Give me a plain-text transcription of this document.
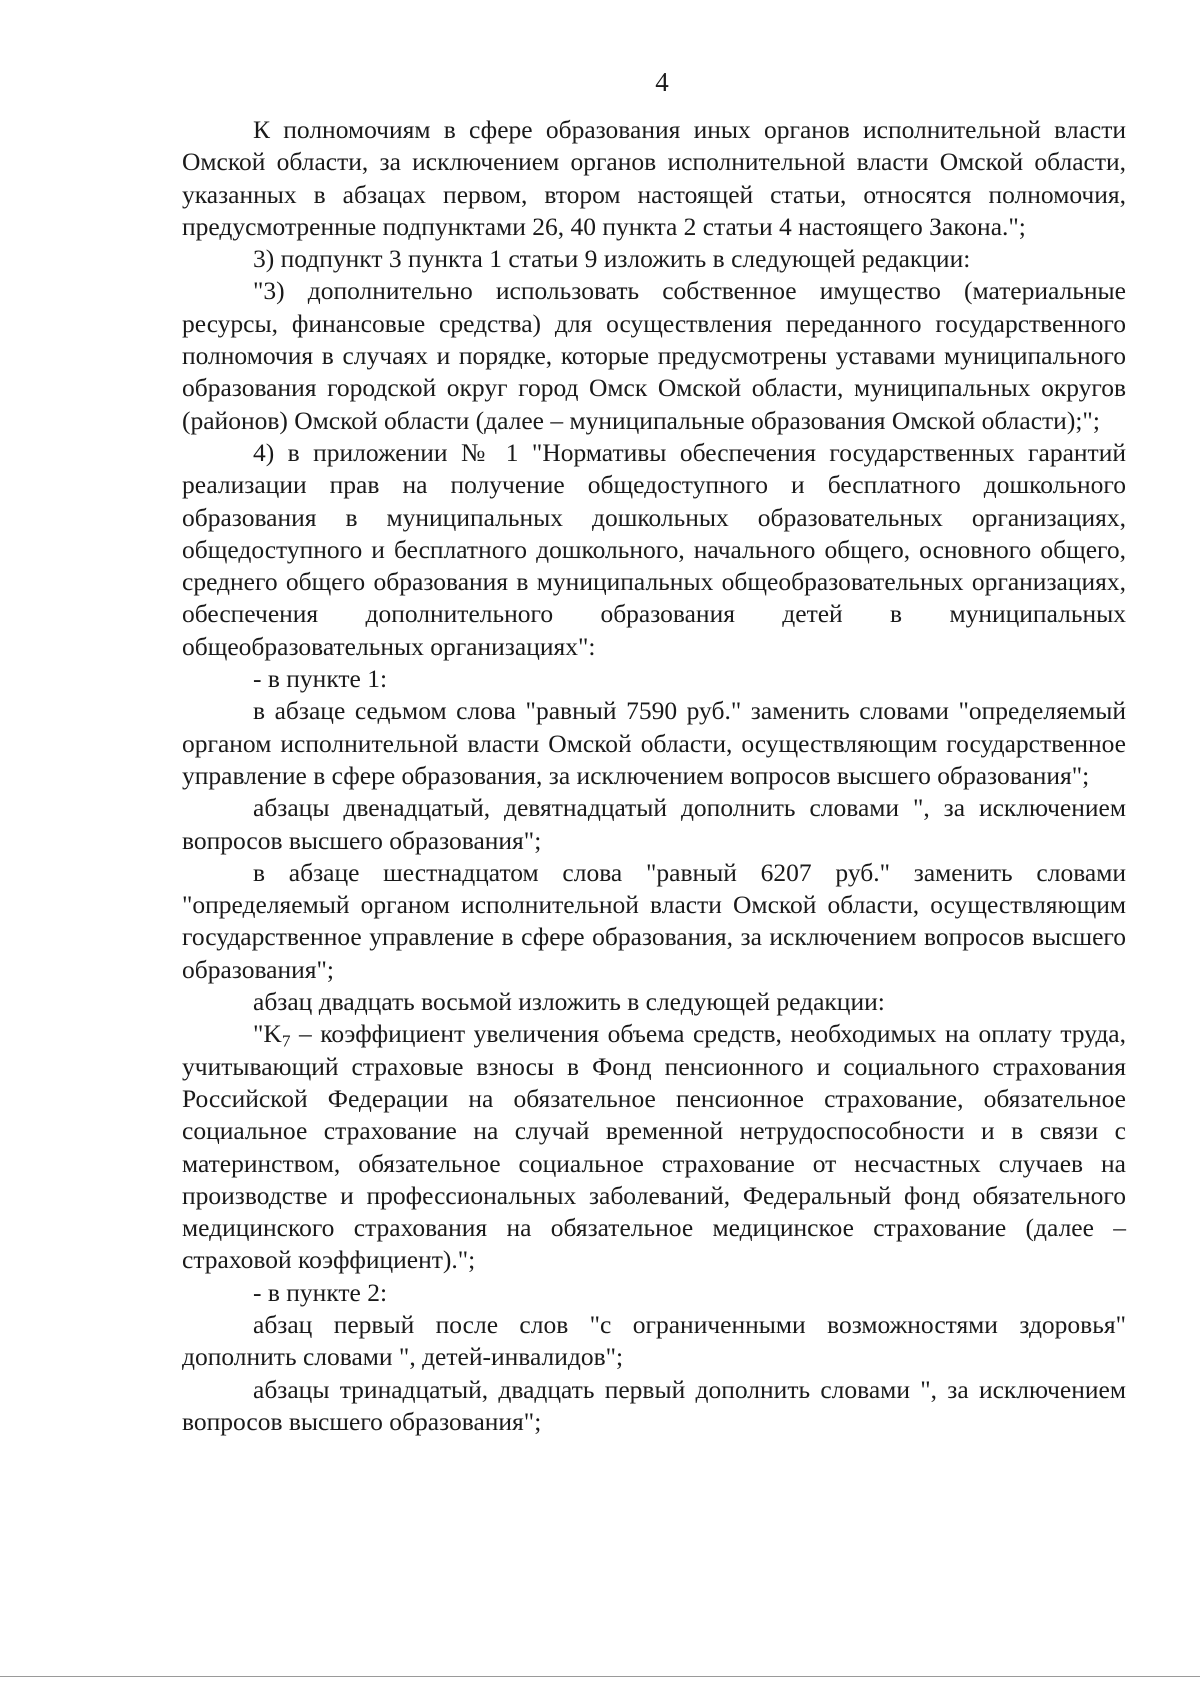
4

К полномочиям в сфере образования иных органов исполнительной власти Омской области, за исключением органов исполнительной власти Омской области, указанных в абзацах первом, втором настоящей статьи, относятся полномочия, предусмотренные подпунктами 26, 40 пункта 2 статьи 4 настоящего Закона.";

3) подпункт 3 пункта 1 статьи 9 изложить в следующей редакции:

"3) дополнительно использовать собственное имущество (материальные ресурсы, финансовые средства) для осуществления переданного государственного полномочия в случаях и порядке, которые предусмотрены уставами муниципального образования городской округ город Омск Омской области, муниципальных округов (районов) Омской области (далее – муниципальные образования Омской области);";

4) в приложении № 1 "Нормативы обеспечения государственных гарантий реализации прав на получение общедоступного и бесплатного дошкольного образования в муниципальных дошкольных образовательных организациях, общедоступного и бесплатного дошкольного, начального общего, основного общего, среднего общего образования в муниципальных общеобразовательных организациях, обеспечения дополнительного образования детей в муниципальных общеобразовательных организациях":

- в пункте 1:

в абзаце седьмом слова "равный 7590 руб." заменить словами "определяемый органом исполнительной власти Омской области, осуществляющим государственное управление в сфере образования, за исключением вопросов высшего образования";

абзацы двенадцатый, девятнадцатый дополнить словами ", за исключением вопросов высшего образования";

в абзаце шестнадцатом слова "равный 6207 руб." заменить словами "определяемый органом исполнительной власти Омской области, осуществляющим государственное управление в сфере образования, за исключением вопросов высшего образования";

абзац двадцать восьмой изложить в следующей редакции:

"$K_7$ – коэффициент увеличения объема средств, необходимых на оплату труда, учитывающий страховые взносы в Фонд пенсионного и социального страхования Российской Федерации на обязательное пенсионное страхование, обязательное социальное страхование на случай временной нетрудоспособности и в связи с материнством, обязательное социальное страхование от несчастных случаев на производстве и профессиональных заболеваний, Федеральный фонд обязательного медицинского страхования на обязательное медицинское страхование (далее – страховой коэффициент).";

- в пункте 2:

абзац первый после слов "с ограниченными возможностями здоровья" дополнить словами ", детей-инвалидов";

абзацы тринадцатый, двадцать первый дополнить словами ", за исключением вопросов высшего образования";
